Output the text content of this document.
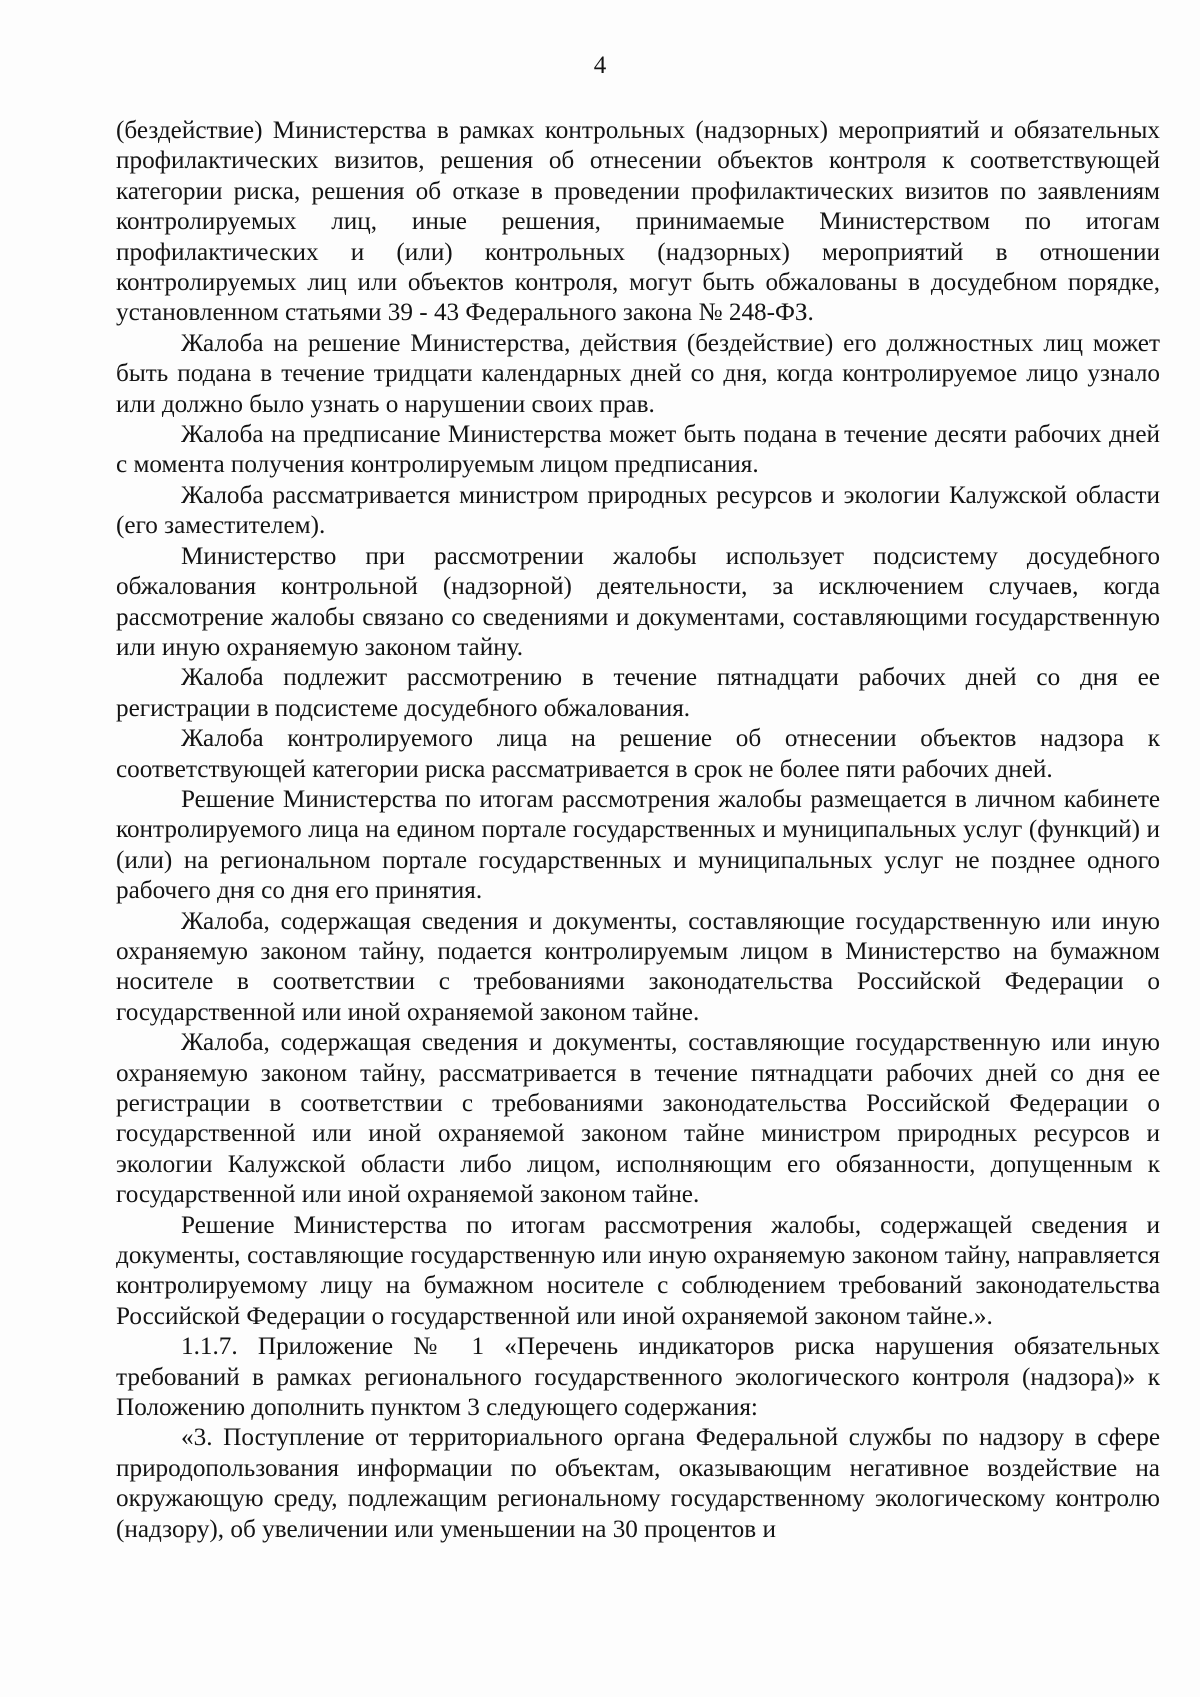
4

(бездействие) Министерства в рамках контрольных (надзорных) мероприятий и обязательных профилактических визитов, решения об отнесении объектов контроля к соответствующей категории риска, решения об отказе в проведении профилактических визитов по заявлениям контролируемых лиц, иные решения, принимаемые Министерством по итогам профилактических и (или) контрольных (надзорных) мероприятий в отношении контролируемых лиц или объектов контроля, могут быть обжалованы в досудебном порядке, установленном статьями 39 - 43 Федерального закона № 248-ФЗ.

Жалоба на решение Министерства, действия (бездействие) его должностных лиц может быть подана в течение тридцати календарных дней со дня, когда контролируемое лицо узнало или должно было узнать о нарушении своих прав.

Жалоба на предписание Министерства может быть подана в течение десяти рабочих дней с момента получения контролируемым лицом предписания.

Жалоба рассматривается министром природных ресурсов и экологии Калужской области (его заместителем).

Министерство при рассмотрении жалобы использует подсистему досудебного обжалования контрольной (надзорной) деятельности, за исключением случаев, когда рассмотрение жалобы связано со сведениями и документами, составляющими государственную или иную охраняемую законом тайну.

Жалоба подлежит рассмотрению в течение пятнадцати рабочих дней со дня ее регистрации в подсистеме досудебного обжалования.

Жалоба контролируемого лица на решение об отнесении объектов надзора к соответствующей категории риска рассматривается в срок не более пяти рабочих дней.

Решение Министерства по итогам рассмотрения жалобы размещается в личном кабинете контролируемого лица на едином портале государственных и муниципальных услуг (функций) и (или) на региональном портале государственных и муниципальных услуг не позднее одного рабочего дня со дня его принятия.

Жалоба, содержащая сведения и документы, составляющие государственную или иную охраняемую законом тайну, подается контролируемым лицом в Министерство на бумажном носителе в соответствии с требованиями законодательства Российской Федерации о государственной или иной охраняемой законом тайне.

Жалоба, содержащая сведения и документы, составляющие государственную или иную охраняемую законом тайну, рассматривается в течение пятнадцати рабочих дней со дня ее регистрации в соответствии с требованиями законодательства Российской Федерации о государственной или иной охраняемой законом тайне министром природных ресурсов и экологии Калужской области либо лицом, исполняющим его обязанности, допущенным к государственной или иной охраняемой законом тайне.

Решение Министерства по итогам рассмотрения жалобы, содержащей сведения и документы, составляющие государственную или иную охраняемую законом тайну, направляется контролируемому лицу на бумажном носителе с соблюдением требований законодательства Российской Федерации о государственной или иной охраняемой законом тайне.».

1.1.7. Приложение № 1 «Перечень индикаторов риска нарушения обязательных требований в рамках регионального государственного экологического контроля (надзора)» к Положению дополнить пунктом 3 следующего содержания:

«3. Поступление от территориального органа Федеральной службы по надзору в сфере природопользования информации по объектам, оказывающим негативное воздействие на окружающую среду, подлежащим региональному государственному экологическому контролю (надзору), об увеличении или уменьшении на 30 процентов и
